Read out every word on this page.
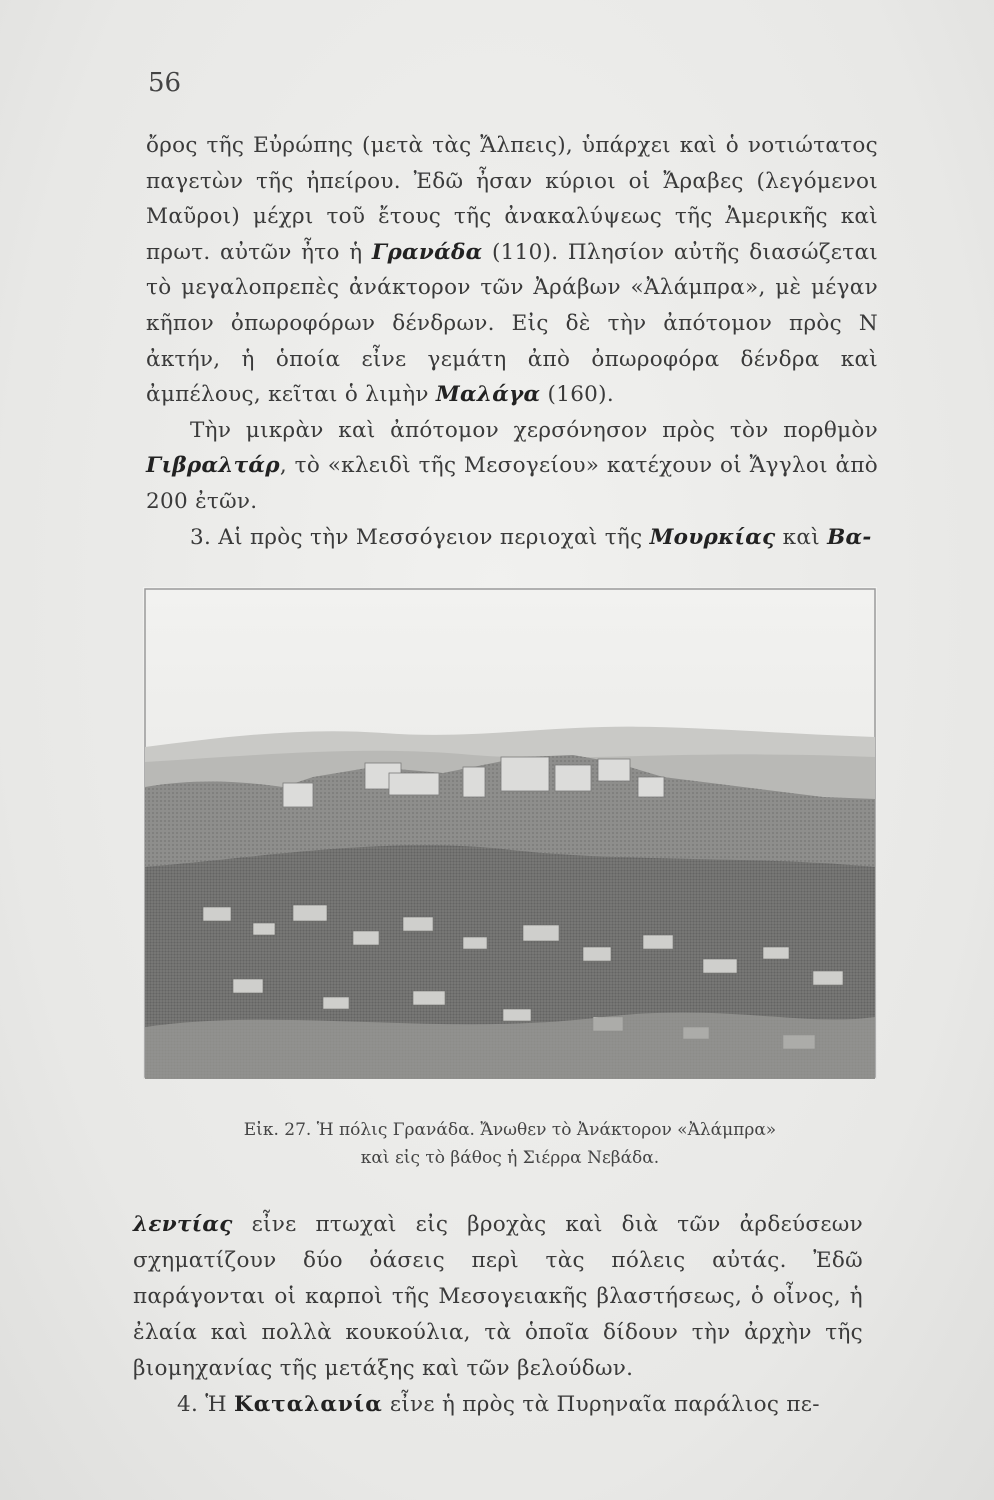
56

ὄρος τῆς Εὐρώπης (μετὰ τὰς Ἄλπεις), ὑπάρχει καὶ ὁ νοτιώτατος παγετὼν τῆς ἠπείρου. Ἐδῶ ἦσαν κύριοι οἱ Ἄραβες (λεγόμενοι Μαῦροι) μέχρι τοῦ ἔτους τῆς ἀνακαλύψεως τῆς Ἀμερικῆς καὶ πρωτ. αὐτῶν ἦτο ἡ Γρανάδα (110). Πλησίον αὐτῆς διασώζεται τὸ μεγαλοπρεπὲς ἀνάκτορον τῶν Ἀράβων «Ἀλάμπρα», μὲ μέγαν κῆπον ὀπωροφόρων δένδρων. Εἰς δὲ τὴν ἀπότομον πρὸς Ν ἀκτήν, ἡ ὁποία εἶνε γεμάτη ἀπὸ ὀπωροφόρα δένδρα καὶ ἀμπέλους, κεῖται ὁ λιμὴν Μαλάγα (160).

Τὴν μικρὰν καὶ ἀπότομον χερσόνησον πρὸς τὸν πορθμὸν Γιβραλτάρ, τὸ «κλειδὶ τῆς Μεσογείου» κατέχουν οἱ Ἄγγλοι ἀπὸ 200 ἐτῶν.

3. Αἱ πρὸς τὴν Μεσσόγειον περιοχαὶ τῆς Μουρκίας καὶ Βα-

Εἰκ. 27. Ἡ πόλις Γρανάδα. Ἄνωθεν τὸ Ἀνάκτορον «Ἀλάμπρα»
καὶ εἰς τὸ βάθος ἡ Σιέρρα Νεβάδα.

λεντίας εἶνε πτωχαὶ εἰς βροχὰς καὶ διὰ τῶν ἀρδεύσεων σχηματίζουν δύο ὀάσεις περὶ τὰς πόλεις αὐτάς. Ἐδῶ παράγονται οἱ καρποὶ τῆς Μεσογειακῆς βλαστήσεως, ὁ οἶνος, ἡ ἐλαία καὶ πολλὰ κουκούλια, τὰ ὁποῖα δίδουν τὴν ἀρχὴν τῆς βιομηχανίας τῆς μετάξης καὶ τῶν βελούδων.

4. Ἡ Καταλανία εἶνε ἡ πρὸς τὰ Πυρηναῖα παράλιος πε-
